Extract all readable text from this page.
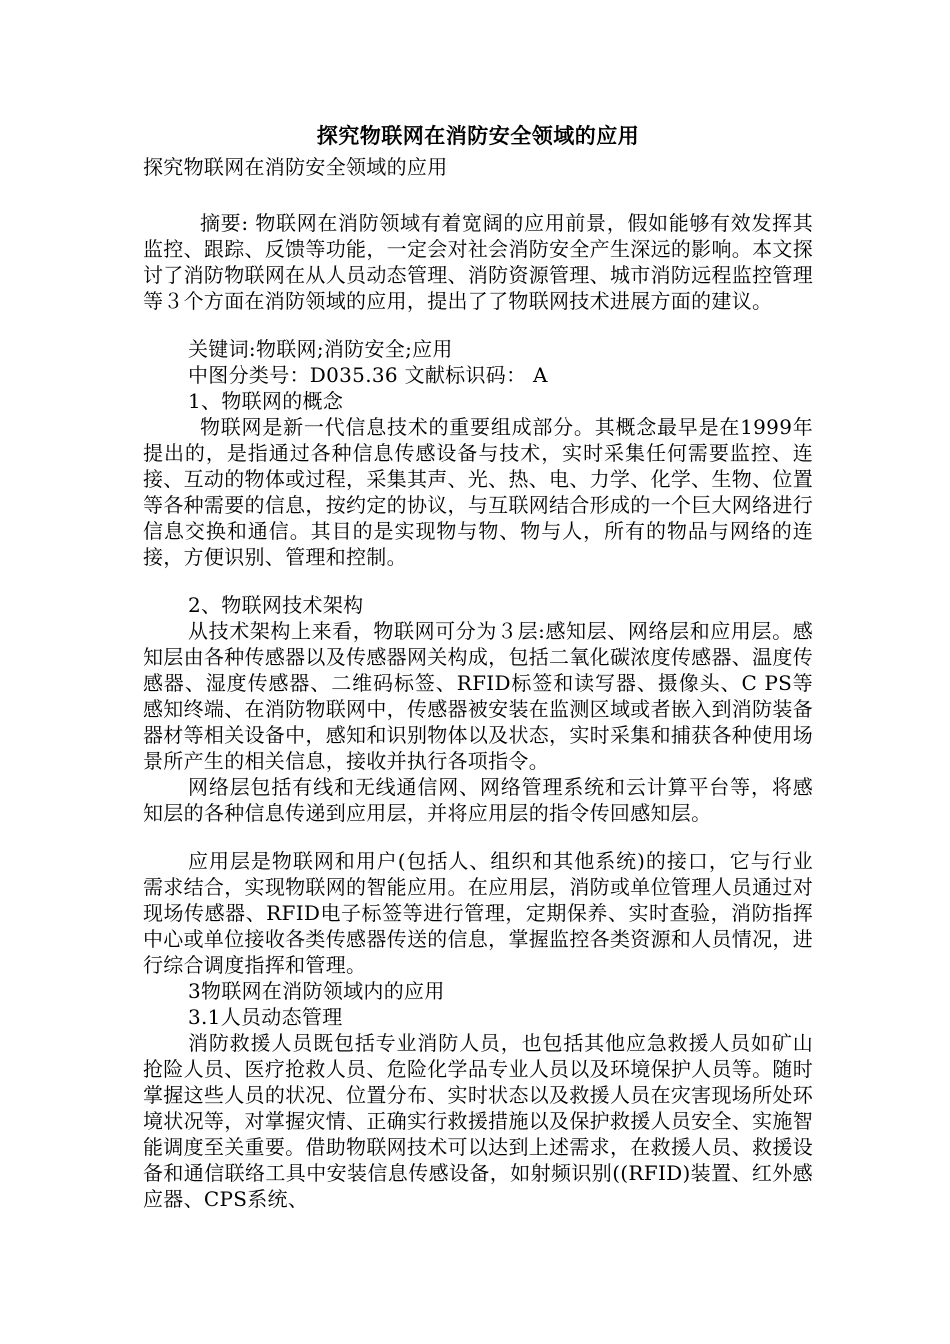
探究物联网在消防安全领域的应用

探究物联网在消防安全领域的应用

摘要: 物联网在消防领域有着宽阔的应用前景，假如能够有效发挥其监控、跟踪、反馈等功能，一定会对社会消防安全产生深远的影响。本文探讨了消防物联网在从人员动态管理、消防资源管理、城市消防远程监控管理等３个方面在消防领域的应用，提出了了物联网技术进展方面的建议。

关键词:物联网;消防安全;应用

中图分类号：D035.36 文献标识码： A

1、物联网的概念

物联网是新一代信息技术的重要组成部分。其概念最早是在1999年提出的，是指通过各种信息传感设备与技术，实时采集任何需要监控、连接、互动的物体或过程，采集其声、光、热、电、力学、化学、生物、位置等各种需要的信息，按约定的协议，与互联网结合形成的一个巨大网络进行信息交换和通信。其目的是实现物与物、物与人，所有的物品与网络的连接，方便识别、管理和控制。

2、物联网技术架构

从技术架构上来看，物联网可分为３层:感知层、网络层和应用层。感知层由各种传感器以及传感器网关构成，包括二氧化碳浓度传感器、温度传感器、湿度传感器、二维码标签、RFID标签和读写器、摄像头、C PS等感知终端、在消防物联网中，传感器被安装在监测区域或者嵌入到消防装备器材等相关设备中，感知和识别物体以及状态，实时采集和捕获各种使用场景所产生的相关信息，接收并执行各项指令。

网络层包括有线和无线通信网、网络管理系统和云计算平台等，将感知层的各种信息传递到应用层，并将应用层的指令传回感知层。

应用层是物联网和用户(包括人、组织和其他系统)的接口，它与行业需求结合，实现物联网的智能应用。在应用层，消防或单位管理人员通过对现场传感器、RFID电子标签等进行管理，定期保养、实时查验，消防指挥中心或单位接收各类传感器传送的信息，掌握监控各类资源和人员情况，进行综合调度指挥和管理。

3物联网在消防领域内的应用

3.1人员动态管理

消防救援人员既包括专业消防人员，也包括其他应急救援人员如矿山抢险人员、医疗抢救人员、危险化学品专业人员以及环境保护人员等。随时掌握这些人员的状况、位置分布、实时状态以及救援人员在灾害现场所处环境状况等，对掌握灾情、正确实行救援措施以及保护救援人员安全、实施智能调度至关重要。借助物联网技术可以达到上述需求，在救援人员、救援设备和通信联络工具中安装信息传感设备，如射频识别((RFID)装置、红外感应器、CPS系统、
